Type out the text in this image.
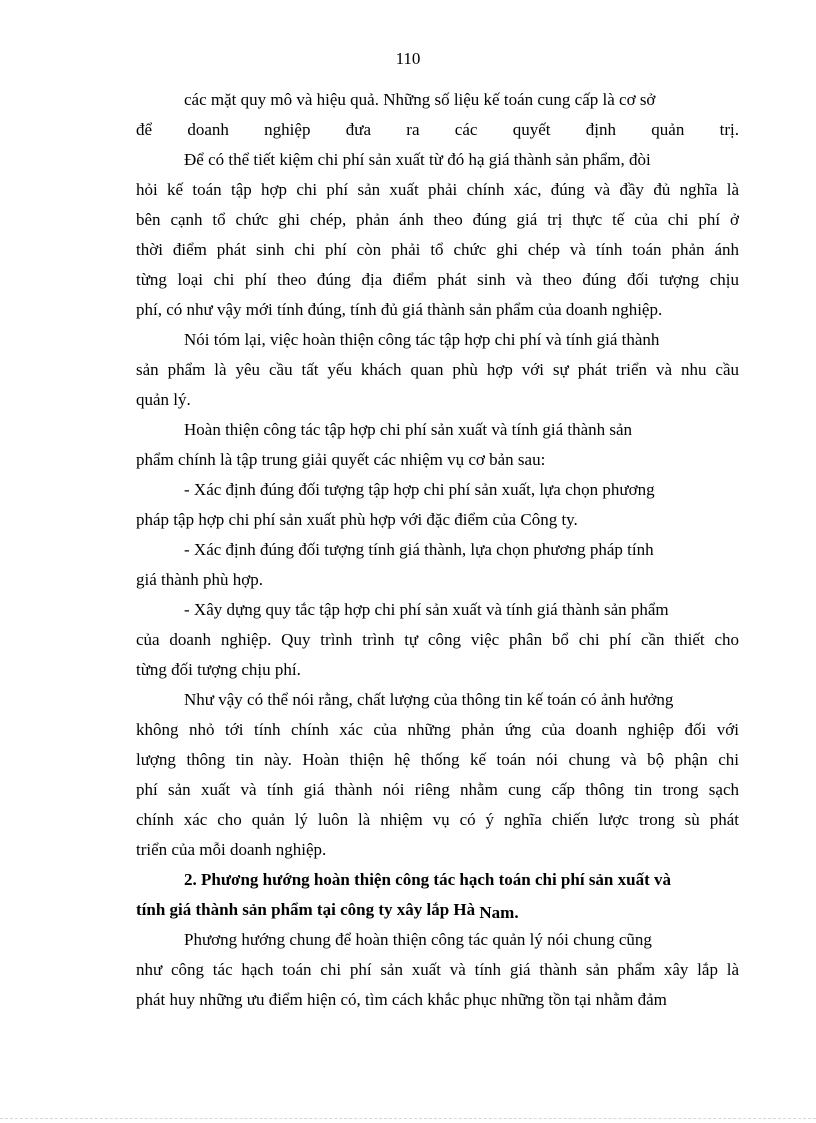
110
các mặt quy mô và hiệu quả. Những số liệu kế toán cung cấp là cơ sở
để doanh nghiệp đưa ra các quyết định quản trị.
Để có thể tiết kiệm chi phí sản xuất từ đó hạ giá thành sản phẩm, đòi
hỏi kế toán tập hợp chi phí sản xuất phải chính xác, đúng và đầy đủ nghĩa là
bên cạnh tổ chức ghi chép, phản ánh theo đúng giá trị thực tế của chi phí ở
thời điểm phát sinh chi phí còn phải tổ chức ghi chép và tính toán phản ánh
từng loại chi phí theo đúng địa điểm phát sinh và theo đúng đối tượng chịu
phí, có như vậy mới tính đúng, tính đủ giá thành sản phẩm của doanh nghiệp.
Nói tóm lại, việc hoàn thiện công tác tập hợp chi phí và tính giá thành
sản phẩm là yêu cầu tất yếu khách quan phù hợp với sự phát triển và nhu cầu
quản lý.
Hoàn thiện công tác tập hợp chi phí sản xuất và tính giá thành sản
phẩm chính là tập trung giải quyết các nhiệm vụ cơ bản sau:
- Xác định đúng đối tượng tập hợp chi phí sản xuất, lựa chọn phương
pháp tập hợp chi phí sản xuất phù hợp với đặc điểm của Công ty.
- Xác định đúng đối tượng tính giá thành, lựa chọn phương pháp tính
giá thành phù hợp.
- Xây dựng quy tắc tập hợp chi phí sản xuất và tính giá thành sản phẩm
của doanh nghiệp. Quy trình trình tự công việc phân bổ chi phí cần thiết cho
từng đối tượng chịu phí.
Như vậy có thể nói rằng, chất lượng của thông tin kế toán có ảnh hưởng
không nhỏ tới tính chính xác của những phản ứng của doanh nghiệp đối với
lượng thông tin này. Hoàn thiện hệ thống kế toán nói chung và bộ phận chi
phí sản xuất và tính giá thành nói riêng nhằm cung cấp thông tin trong sạch
chính xác cho quản lý luôn là nhiệm vụ có ý nghĩa chiến lược trong sù phát
triển của mỗi doanh nghiệp.
2. Phương hướng hoàn thiện công tác hạch toán chi phí sản xuất và
tính giá thành sản phẩm tại công ty xây lắp Hà Nam.
Phương hướng chung để hoàn thiện công tác quản lý nói chung cũng
như công tác hạch toán chi phí sản xuất và tính giá thành sản phẩm xây lắp là
phát huy những ưu điểm hiện có, tìm cách khắc phục những tồn tại nhằm đảm
